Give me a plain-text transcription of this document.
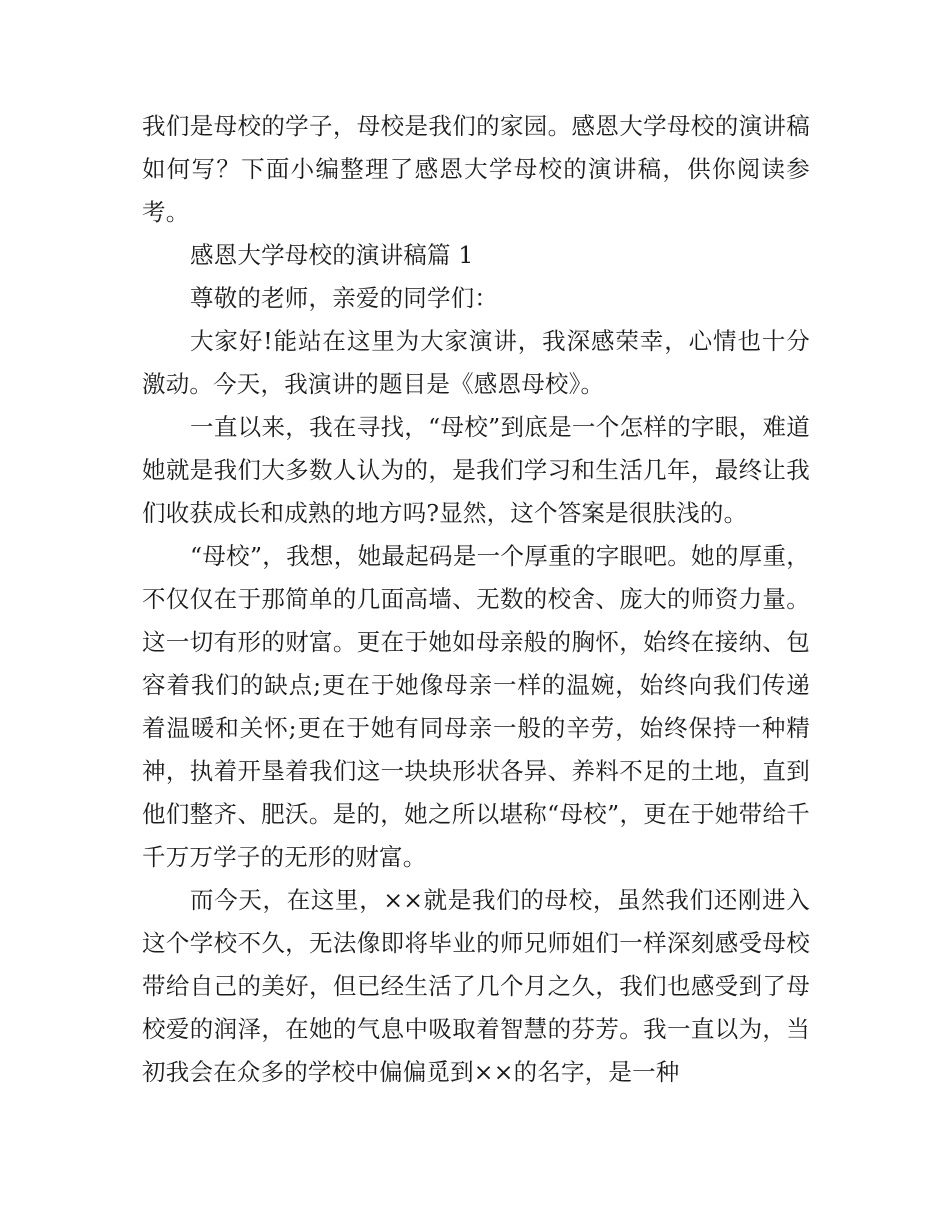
我们是母校的学子，母校是我们的家园。感恩大学母校的演讲稿如何写？下面小编整理了感恩大学母校的演讲稿，供你阅读参考。

感恩大学母校的演讲稿篇 1

尊敬的老师，亲爱的同学们：

大家好!能站在这里为大家演讲，我深感荣幸，心情也十分激动。今天，我演讲的题目是《感恩母校》。

一直以来，我在寻找，“母校”到底是一个怎样的字眼，难道她就是我们大多数人认为的，是我们学习和生活几年，最终让我们收获成长和成熟的地方吗?显然，这个答案是很肤浅的。

“母校”，我想，她最起码是一个厚重的字眼吧。她的厚重，不仅仅在于那简单的几面高墙、无数的校舍、庞大的师资力量。这一切有形的财富。更在于她如母亲般的胸怀，始终在接纳、包容着我们的缺点;更在于她像母亲一样的温婉，始终向我们传递着温暖和关怀;更在于她有同母亲一般的辛劳，始终保持一种精神，执着开垦着我们这一块块形状各异、养料不足的土地，直到他们整齐、肥沃。是的，她之所以堪称“母校”，更在于她带给千千万万学子的无形的财富。

而今天，在这里，××就是我们的母校，虽然我们还刚进入这个学校不久，无法像即将毕业的师兄师姐们一样深刻感受母校带给自己的美好，但已经生活了几个月之久，我们也感受到了母校爱的润泽，在她的气息中吸取着智慧的芬芳。我一直以为，当初我会在众多的学校中偏偏觅到××的名字，是一种
